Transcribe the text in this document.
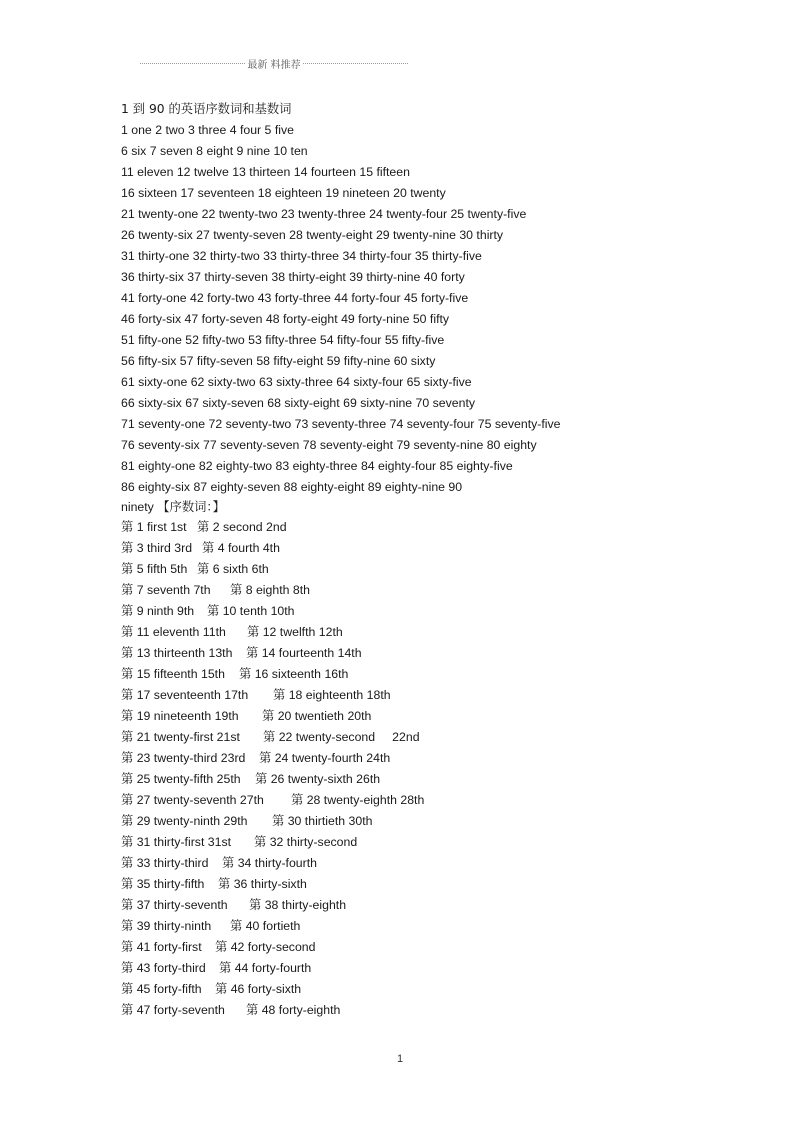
最新 料推荐
1 到 90 的英语序数词和基数词
1 one 2 two 3 three 4 four 5 five
6 six 7 seven 8 eight 9 nine 10 ten
11 eleven 12 twelve 13 thirteen 14 fourteen 15 fifteen
16 sixteen 17 seventeen 18 eighteen 19 nineteen 20 twenty
21 twenty-one 22 twenty-two 23 twenty-three 24 twenty-four 25 twenty-five
26 twenty-six 27 twenty-seven 28 twenty-eight 29 twenty-nine 30 thirty
31 thirty-one 32 thirty-two 33 thirty-three 34 thirty-four 35 thirty-five
36 thirty-six 37 thirty-seven 38 thirty-eight 39 thirty-nine 40 forty
41 forty-one 42 forty-two 43 forty-three 44 forty-four 45 forty-five
46 forty-six 47 forty-seven 48 forty-eight 49 forty-nine 50 fifty
51 fifty-one 52 fifty-two 53 fifty-three 54 fifty-four 55 fifty-five
56 fifty-six 57 fifty-seven 58 fifty-eight 59 fifty-nine 60 sixty
61 sixty-one 62 sixty-two 63 sixty-three 64 sixty-four 65 sixty-five
66 sixty-six 67 sixty-seven 68 sixty-eight 69 sixty-nine 70 seventy
71 seventy-one 72 seventy-two 73 seventy-three 74 seventy-four 75 seventy-five
76 seventy-six 77 seventy-seven 78 seventy-eight 79 seventy-nine 80 eighty
81 eighty-one 82 eighty-two 83 eighty-three 84 eighty-four 85 eighty-five
86 eighty-six 87 eighty-seven 88 eighty-eight 89 eighty-nine 90
ninety 【序数词：】
第 1 first 1st 第 2 second 2nd
第 3 third 3rd 第 4 fourth 4th
第 5 fifth 5th 第 6 sixth 6th
第 7 seventh 7th 第 8 eighth 8th
第 9 ninth 9th 第 10 tenth 10th
第 11 eleventh 11th 第 12 twelfth 12th
第 13 thirteenth 13th 第 14 fourteenth 14th
第 15 fifteenth 15th 第 16 sixteenth 16th
第 17 seventeenth 17th 第 18 eighteenth 18th
第 19 nineteenth 19th 第 20 twentieth 20th
第 21 twenty-first 21st 第 22 twenty-second     22nd
第 23 twenty-third 23rd 第 24 twenty-fourth 24th
第 25 twenty-fifth 25th 第 26 twenty-sixth 26th
第 27 twenty-seventh 27th 第 28 twenty-eighth 28th
第 29 twenty-ninth 29th 第 30 thirtieth 30th
第 31 thirty-first 31st 第 32 thirty-second
第 33 thirty-third 第 34 thirty-fourth
第 35 thirty-fifth 第 36 thirty-sixth
第 37 thirty-seventh 第 38 thirty-eighth
第 39 thirty-ninth 第 40 fortieth
第 41 forty-first 第 42 forty-second
第 43 forty-third 第 44 forty-fourth
第 45 forty-fifth 第 46 forty-sixth
第 47 forty-seventh 第 48 forty-eighth
1
